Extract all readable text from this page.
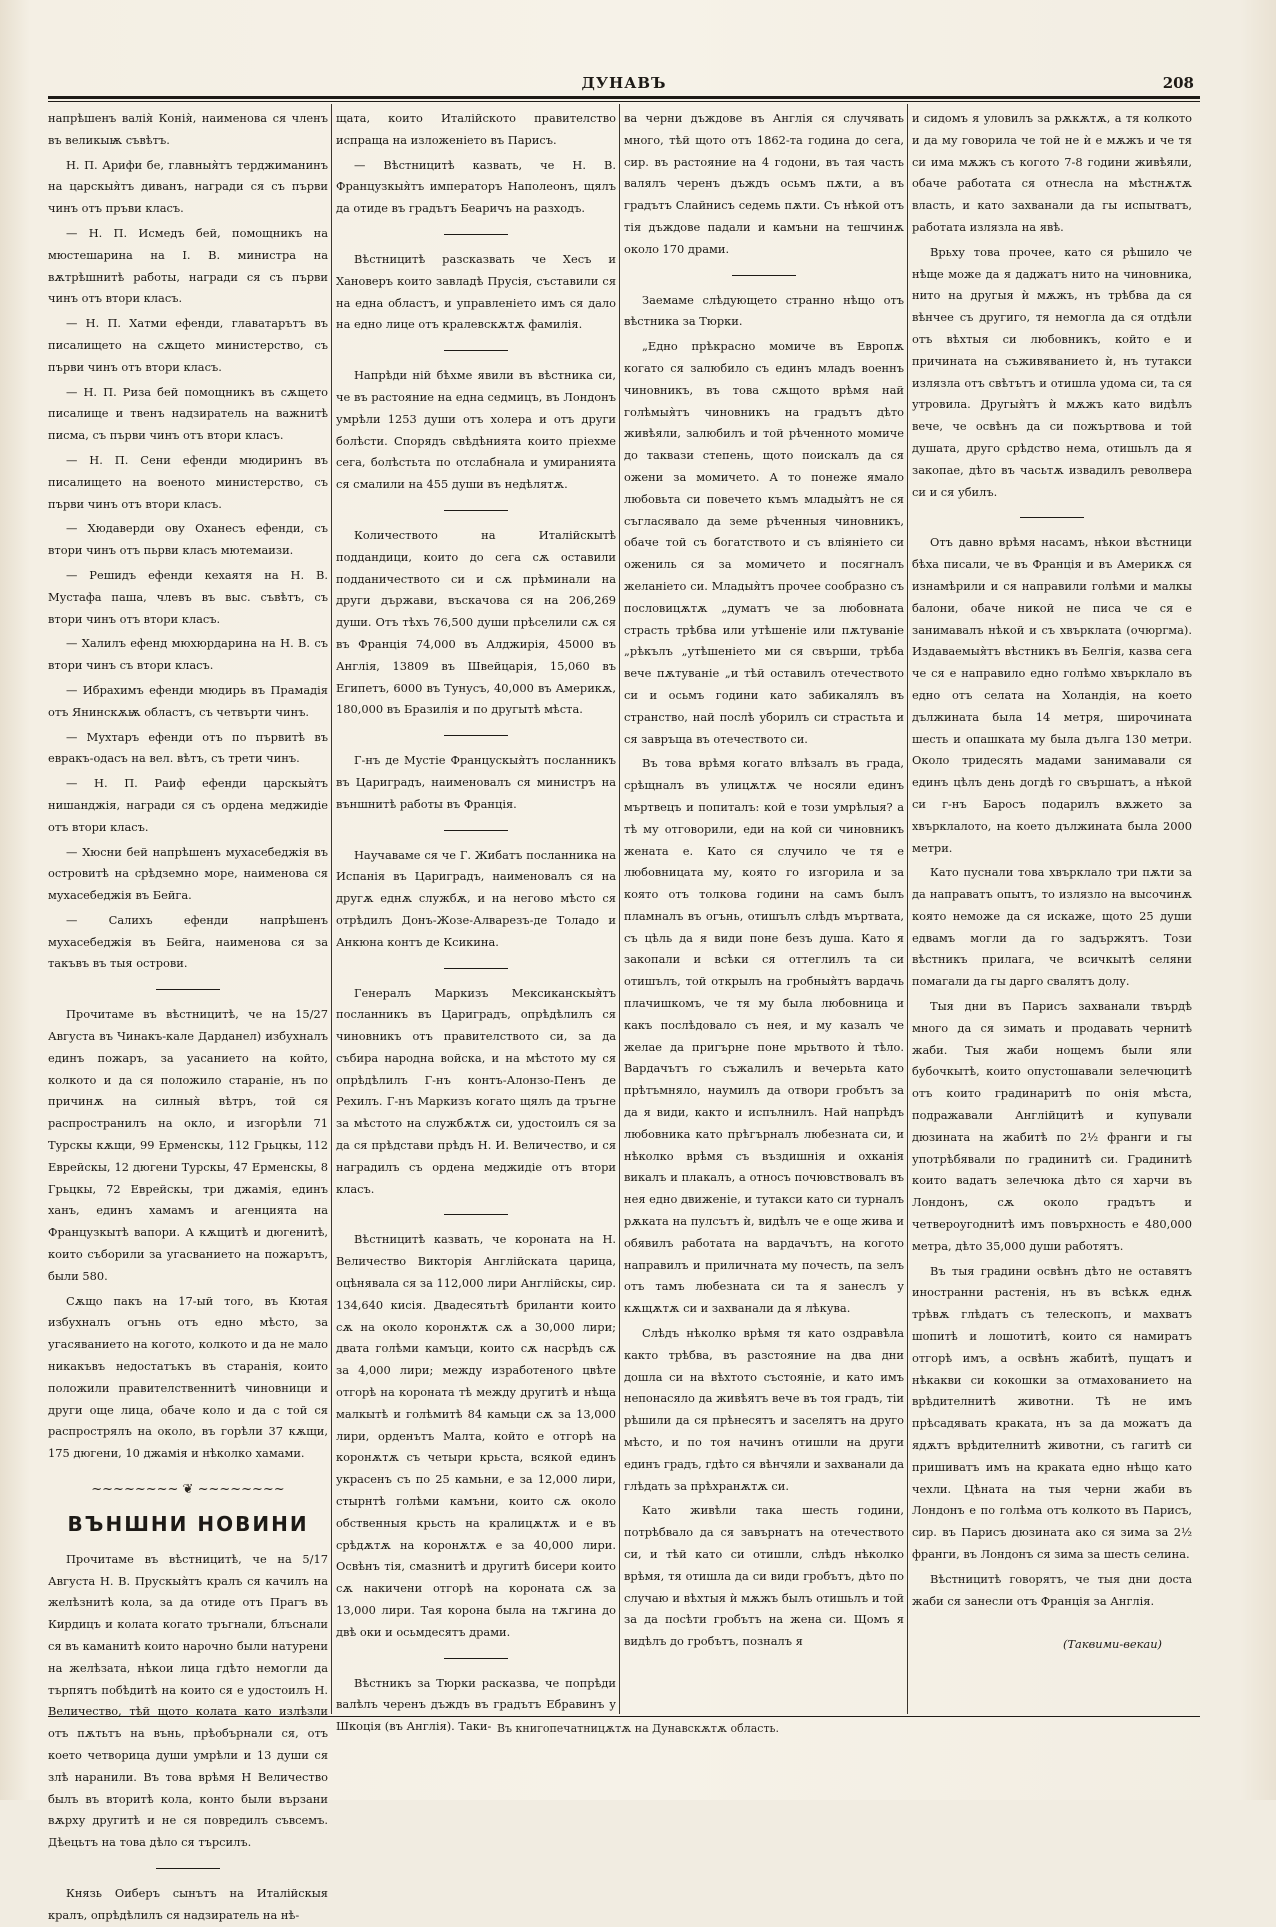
ДУНАВЪ	208

напрѣшенъ валія̀ Конія̀, наименова ся членъ въ великыѭ съвѣтъ.

Н. П. Арифи бе, главныя̀тъ терджиманинъ на царскыя̀тъ диванъ, награди ся съ първи чинъ отъ пръви класъ.

— Н. П. Исмедъ бей, помощникъ на мюстешарина на І. В. министра на вѫтрѣшнитѣ работы, награди ся съ първи чинъ отъ втори класъ.

— Н. П. Хатми ефенди, главатарътъ въ писалището на сѫщето министерство, съ първи чинъ отъ втори класъ.

— Н. П. Риза бей помощникъ въ сѫщето писалище и твенъ надзиратель на важнитѣ писма, съ първи чинъ отъ втори класъ.

— Н. П. Сени ефенди мюдиринъ въ писалището на военото министерство, съ първи чинъ отъ втори класъ.

— Хюдаверди ову Оханесъ ефенди, съ втори чинъ отъ пьрви класъ мютемаизи.

— Решидъ ефенди кехаятя на Н. В. Мустафа паша, члевъ въ выс. съвѣтъ, съ втори чинъ отъ втори класъ.

— Халилъ ефенд мюхюрдарина на Н. В. съ втори чинъ съ втори класъ.

— Ибрахимъ ефенди мюдирь въ Прамадія отъ Янинскѫѭ областъ, съ четвърти чинъ.

— Мухтаръ ефенди отъ по първитѣ въ евракъ-одасъ на вел. вѣтъ, съ трети чинъ.

— Н. П. Раиф ефенди царскыя̀тъ нишанджія, награди ся съ ордена меджидіе отъ втори класъ.

— Хюсни бей напрѣшенъ мухасебеджія въ островитѣ на срѣдземно море, наименова ся мухасебеджія въ Бейга.

— Салихъ ефенди напрѣшенъ мухасебеджія въ Бейга, наименова ся за такъвъ въ тыя острови.

Прочитаме въ вѣстницитѣ, че на 15/27 Августа въ Чинакъ-кале Дарданел) избухналъ единъ пожаръ, за уасанието на който, колкото и да ся положило стараніе, нъ по причинѫ на силныя̀ вѣтръ, той ся распространилъ на окло, и изгорѣли 71 Турскы кѫщи, 99 Ерменскы, 112 Грьцкы, 112 Еврейскы, 12 дюгени Турскы, 47 Ерменскы, 8 Грьцкы, 72 Еврейскы, три джамія, единъ ханъ, единъ хамамъ и агенцията на Французкытѣ вапори. А кѫщитѣ и дюгенитѣ, които съборили за угасванието на пожарътъ, были 580.

Сѫщо пакъ на 17-ый того, въ Кютая избухналъ огънь отъ едно мѣсто, за угасяванието на когото, колкото и да не мало никакъвъ недостатъкъ въ старанія, които положили правителственнитѣ чиновници и други още лица, обаче коло и да с той ся распрострялъ на около, въ горѣли 37 кѫщи, 175 дюгени, 10 джамія и нѣколко хамами.

~~~~~~~~ ❦ ~~~~~~~~
ВЪНШНИ НОВИНИ

Прочитаме въ вѣстницитѣ, че на 5/17 Августа Н. В. Прускыя̀тъ кралъ ся качилъ на желѣзнитѣ кола, за да отиде отъ Прагъ въ Кирдицъ и колата когато тръгнали, блъснали ся въ каманитѣ които нарочно были натурени на желѣзата, нѣкои лица гдѣто немогли да търпятъ побѣдитѣ на които ся е удостоилъ Н. Величество, тѣй щото колата като излѣзли отъ пѫтьтъ на вънь, прѣобърнали ся, отъ което четворица души умрѣли и 13 души ся злѣ наранили. Въ това врѣмя Н Величество былъ въ вторитѣ кола, конто были вързани вѫрху другитѣ и не ся повредилъ съвсемъ. Дѣецьтъ на това дѣло ся търсилъ.

Князь Оиберъ сынътъ на Италійскыя кралъ, опрѣдѣлилъ ся надзиратель на нѣ-

щата, които Италійското правителство испраща на изложеніето въ Парисъ.

— Вѣстницитѣ казвать, че Н. В. Французкыя̀тъ императоръ Наполеонъ, щялъ да отиде въ градътъ Беаричъ на разходъ.

Вѣстницитѣ разсказвать че Хесъ и Хановеръ които завладѣ Прусія, съставили ся на една областъ, и управленіето имъ ся дало на едно лице отъ кралевскѫтѫ фамилія.

Напрѣди ній бѣхме явили въ вѣстника си, че въ растояние на една седмицъ, въ Лондонъ умрѣли 1253 души отъ холера и отъ други болѣсти. Спорядъ свѣдѣнията които пріехме сега, болѣстьта по отслабнала и умиранията ся смалили на 455 души въ недѣлятѫ.

Количеството на Италійскытѣ поддандици, които до сега сѫ оставили подданичеството си и сѫ прѣминали на други държави, въскачова ся на 206,269 души. Отъ тѣхъ 76,500 души прѣселили сѫ ся въ Франція 74,000 въ Алджирія, 45000 въ Англія, 13809 въ Швейцарія, 15,060 въ Египетъ, 6000 въ Тунусъ, 40,000 въ Америкѫ, 180,000 въ Бразилія и по другытѣ мѣста.

Г-нъ де Мустіе Францускыя̀тъ посланникъ въ Цариградъ, наименовалъ ся министръ на външнитѣ работы въ Франція.

Научаваме ся че Г. Жибатъ посланника на Испанія въ Цариградъ, наименовалъ ся на другѫ еднѫ службѫ, и на негово мѣсто ся отрѣдилъ Донъ-Жозе-Алварезъ-де Толадо и Анкюна контъ де Ксикина.

Генералъ Маркизъ Мексиканскыя̀тъ посланникъ въ Цариградъ, опрѣдѣлилъ ся чиновникъ отъ правителството си, за да събира народна войска, и на мѣстото му ся опрѣдѣлилъ Г-нъ контъ-Алонзо-Пенъ де Рехилъ. Г-нъ Маркизъ когато щялъ да тръгне за мѣстото на службѫтѫ си, удостоилъ ся за да ся прѣдстави прѣдъ Н. И. Величество, и ся наградилъ съ ордена меджидіе отъ втори класъ.

Вѣстницитѣ казвать, че короната на Н. Величество Викторія Англійската царица, оцѣнявала ся за 112,000 лири Англійскы, сир. 134,640 кисія. Двадесятьтѣ бриланти които сѫ на около коронѫтѫ сѫ а 30,000 лири; двата голѣми камъци, които сѫ насрѣдъ сѫ за 4,000 лири; между изработеного цвѣте отгорѣ на короната тѣ между другитѣ и нѣща малкытѣ и голѣмитѣ 84 камьци сѫ за 13,000 лири, орденътъ Малта, който е отгорѣ на коронѫтѫ съ четыри крьста, всякой единъ украсенъ съ по 25 камьни, е за 12,000 лири, стырнтѣ голѣми камъни, които сѫ около обственныя крьсть на кралицѫтѫ и е въ срѣдѫтѫ на коронѫтѫ е за 40,000 лири. Освѣнъ тія, смазнитѣ и другитѣ бисери които сѫ накичени отгорѣ на короната сѫ за 13,000 лири. Тая корона была на тѫгина до двѣ оки и осьмдесятъ драми.

Вѣстникъ за Тюрки расказва, че попрѣди валѣлъ черенъ дъждъ въ градътъ Ебравинъ у Шкоція (въ Англія). Таки-

ва черни дъждове въ Англія ся случявать много, тѣй щото отъ 1862-та година до сега, сир. въ растояние на 4 годони, въ тая часть валялъ черенъ дъждъ осьмъ пѫти, а въ градътъ Слайнисъ седемь пѫти. Съ нѣкой отъ тія дъждове падали и камъни на тешчинѫ около 170 драми.

Заемаме слѣдующето странно нѣщо отъ вѣстника за Тюрки.

„Едно прѣкрасно момиче въ Европѫ когато ся залюбило съ единъ младъ военнъ чиновникъ, въ това сѫщото врѣмя най голѣмыя̀тъ чиновникъ на градътъ дѣто живѣяли, залюбилъ и той рѣченното момиче до таквази степень, щото поискалъ да ся ожени за момичето. А то понеже ямало любовьта си повечето къмъ младыя̀тъ не ся съгласявало да земе рѣченныя чиновникъ, обаче той съ богатството и съ вліяніето си ожениль ся за момичето и посягналъ желаніето си. Младыя̀тъ прочее сообразно съ пословицѫтѫ „думатъ че за любовната страсть трѣбва или утѣшеніе или пѫтуваніе „рѣкълъ „утѣшеніето ми ся свърши, трѣба вече пѫтуваніе „и тѣй оставилъ отечеството си и осьмъ години като забикалялъ въ странство, най послѣ уборилъ си страстьта и ся завръща въ отечеството си.

Въ това врѣмя когато влѣзалъ въ града, срѣщналъ въ улицѫтѫ че носяли единъ мъртвецъ и попиталъ: кой е този умрѣлыя? а тѣ му отговорили, еди на кой си чиновникъ жената е. Като ся случило че тя е любовницата му, която го изгорила и за която отъ толкова години на самъ былъ пламналъ въ огънь, отишълъ слѣдъ мъртвата, съ цѣль да я види поне безъ душа. Като я закопали и всѣки ся оттеглилъ та си отишълъ, той открылъ на гробныя̀тъ вардачь плачишкомъ, че тя му была любовница и какъ послѣдовало съ нея, и му казалъ че желае да пригърне поне мрьтвото ѝ тѣло. Вардачътъ го съжалилъ и вечерьта като прѣтъмняло, наумилъ да отвори гробътъ за да я види, както и испълнилъ. Най напрѣдъ любовника като прѣгърналъ любезната си, и нѣколко врѣмя съ въздишнія и охканія викалъ и плакалъ, а относъ почювствовалъ въ нея едно движеніе, и тутакси като си турналъ рѫката на пулсътъ ѝ, видѣлъ че е още жива и обявилъ работата на вардачътъ, на когото направилъ и приличната му почесть, па зелъ отъ тамъ любезната си та я занеслъ у кѫщѫтѫ си и захванали да я лѣкува.

Слѣдъ нѣколко врѣмя тя като оздравѣла както трѣбва, въ разстояние на два дни дошла си на вѣхтото състояніе, и като имъ непонасяло да живѣятъ вече въ тоя градъ, тіи рѣшили да ся прѣнесятъ и заселятъ на друго мѣсто, и по тоя начинъ отишли на други единъ градъ, гдѣто ся вѣнчяли и захванали да глѣдать за прѣхранѫтѫ си.

Като живѣли така шесть години, потрѣбвало да ся завърнатъ на отечеството си, и тѣй като си отишли, слѣдъ нѣколко врѣмя, тя отишла да си види гробътъ, дѣто по случаю и вѣхтыя ѝ мѫжъ былъ отишьлъ и той за да посѣти гробътъ на жена си. Щомъ я видѣлъ до гробътъ, позналъ я

и сидомъ я уловилъ за рѫкѫтѫ, а тя колкото и да му говорила че той не ѝ е мѫжъ и че тя си има мѫжъ съ когото 7-8 години живѣяли, обаче работата ся отнесла на мѣстнѫтѫ власть, и като захванали да гы испытватъ, работата излязла на явѣ.

Врьху това прочее, като ся рѣшило че нѣще може да я даджатъ нито на чиновника, нито на другыя ѝ мѫжъ, нъ трѣбва да ся вѣнчее съ другиго, тя немогла да ся отдѣли отъ вѣхтыя си любовникъ, който е и причината на съживяванието ѝ, нъ тутакси излязла отъ свѣтътъ и отишла удома си, та ся утровила. Другыя̀тъ ѝ мѫжъ като видѣлъ вече, че освѣнъ да си пожъртвова и той душата, друго срѣдство нема, отишьлъ да я закопае, дѣто въ часьтѫ извадилъ револвера си и ся убилъ.

Отъ давно врѣмя насамъ, нѣкои вѣстници бѣха писали, че въ Франція и въ Америкѫ ся изнамѣрили и ся направили голѣми и малкы балони, обаче никой не писа че ся е занимавалъ нѣкой и съ хвърклата (очюргмa). Издаваемыя̀тъ вѣстникъ въ Белгія, казва сега че ся е направило едно голѣмо хвърклало въ едно отъ селата на Холандія, на което дължината была 14 метря, широчината шесть и опашката му была дълга 130 метри. Около тридесять мадами занимавали ся единъ цѣлъ день догдѣ го свършатъ, а нѣкой си г-нъ Баросъ подарилъ вѫжето за хвърклалото, на което дължината была 2000 метри.

Като пуснали това хвърклало три пѫти за да направатъ опытъ, то излязло на высочинѫ която неможе да ся искаже, щото 25 души едвамъ могли да го задържятъ. Този вѣстникъ прилага, че всичкытѣ селяни помагали да гы дарго свалятъ долу.

Тыя дни въ Парисъ захванали твърдѣ много да ся зимать и продавать чернитѣ жаби. Тыя жаби нощемъ были яли бубочкытѣ, които опустошавали зелечюцитѣ отъ които градинаритѣ по онія мѣста, подражавали Англійцитѣ и купували дюзината на жабитѣ по 2½ франги и гы употрѣбявали по градинитѣ си. Градинитѣ които вадатъ зелечюка дѣто ся харчи въ Лондонъ, сѫ около градътъ и четвероугоднитѣ имъ повърхность е 480,000 метра, дѣто 35,000 души работятъ.

Въ тыя градини освѣнъ дѣто не оставятъ иностранни растенія, нъ въ всѣкѫ еднѫ трѣвѫ глѣдатъ съ телескопъ, и махватъ шопитѣ и лошотитѣ, които ся намиратъ отгорѣ имъ, а освѣнъ жабитѣ, пущатъ и нѣкакви си кокошки за отмахованието на врѣдителнитѣ животни. Тѣ не имъ прѣсадявать кракатa, нъ за да можатъ да ядѫтъ врѣдителнитѣ животни, съ гагитѣ си пришиватъ имъ на краката едно нѣщо като чехли. Цѣната на тыя черни жаби въ Лондонъ е по голѣма отъ колкото въ Парисъ, сир. въ Парисъ дюзината ако ся зима за 2½ франги, въ Лондонъ ся зима за шесть селина.

Вѣстницитѣ говорятъ, че тыя дни доста жаби ся занесли отъ Франція за Англія.

(Таквими-векаи)
Въ книгопечатницѫтѫ на Дунавскѫтѫ область.
